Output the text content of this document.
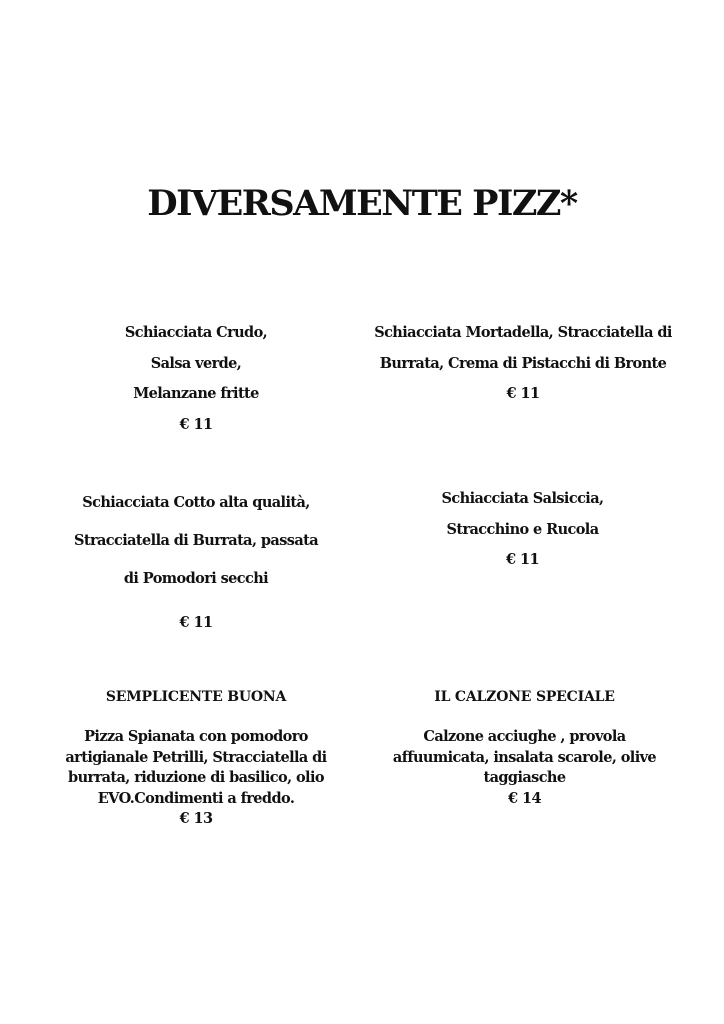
DIVERSAMENTE PIZZ*
Schiacciata Crudo,
Salsa verde,
Melanzane fritte
€ 11
Schiacciata Mortadella, Stracciatella di
Burrata, Crema di Pistacchi di Bronte
€ 11
Schiacciata Cotto alta qualità,
Stracciatella di Burrata, passata
di Pomodori secchi
€ 11
Schiacciata Salsiccia,
Stracchino e Rucola
€ 11
SEMPLICENTE BUONA
Pizza Spianata con pomodoro
artigianale Petrilli, Stracciatella di
burrata, riduzione di basilico, olio
EVO.Condimenti a freddo.
€ 13
IL CALZONE SPECIALE
Calzone acciughe , provola
affuumicata, insalata scarole, olive
taggiasche
€ 14
